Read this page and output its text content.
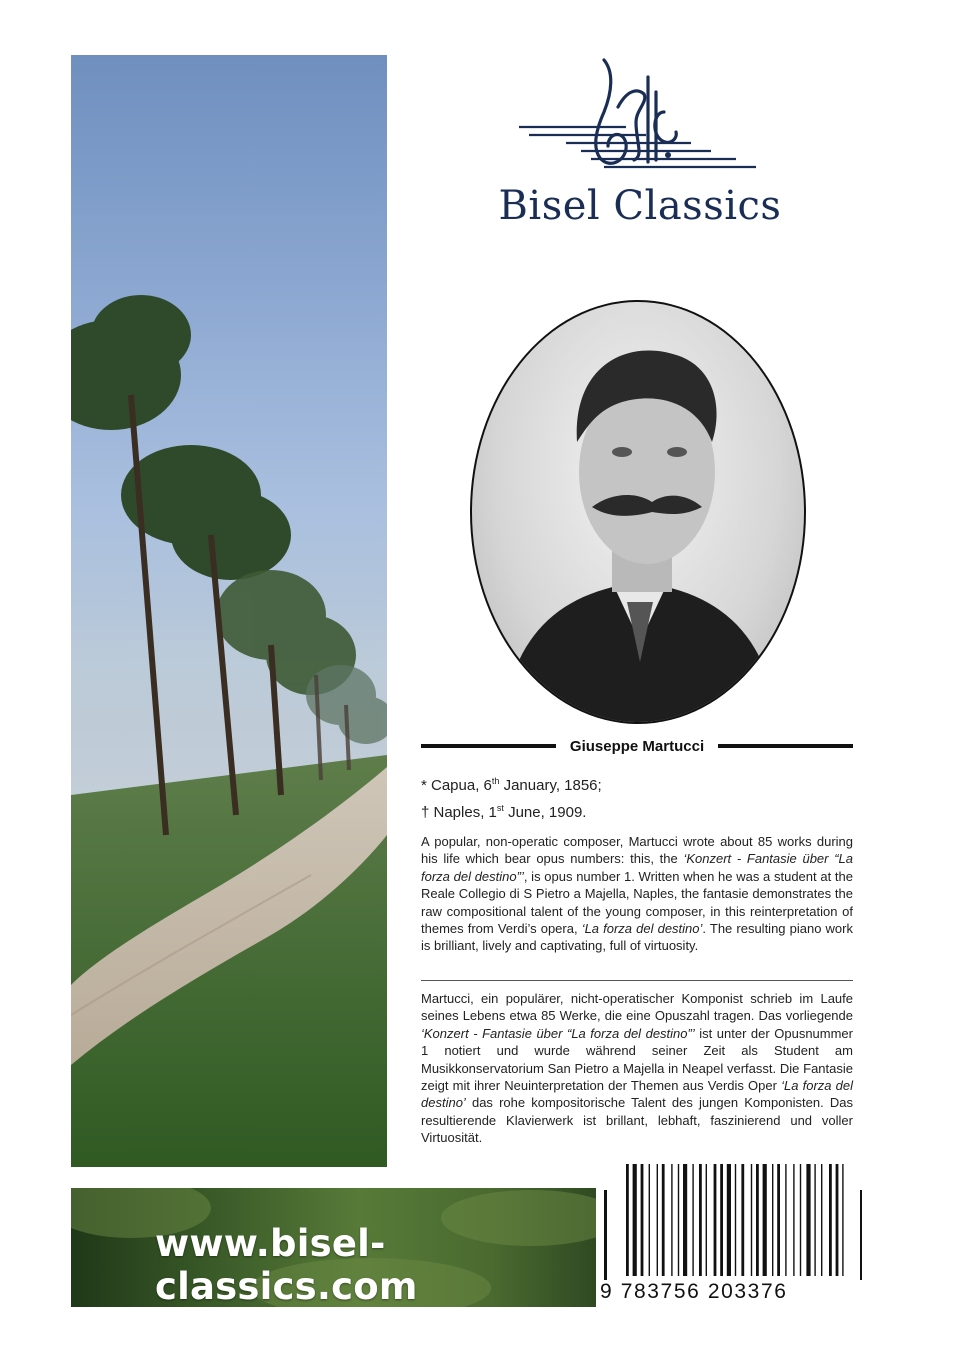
Bisel Classics
Giuseppe Martucci
* Capua, 6th January, 1856;
† Naples, 1st June, 1909.

A popular, non-operatic composer, Martucci wrote about 85 works during his life which bear opus numbers: this, the ‘Konzert - Fantasie über “La forza del destino”’, is opus number 1. Written when he was a student at the Reale Collegio di S Pietro a Majella, Naples, the fantasie demonstrates the raw compositional talent of the young composer, in this reinterpretation of themes from Verdi’s opera, ‘La forza del destino’. The resulting piano work is brilliant, lively and captivating, full of virtuosity.

Martucci, ein populärer, nicht-operatischer Komponist schrieb im Laufe seines Lebens etwa 85 Werke, die eine Opuszahl tragen. Das vorliegende ‘Konzert - Fantasie über “La forza del destino”’ ist unter der Opusnummer 1 notiert und wurde während seiner Zeit als Student am Musikkonservatorium San Pietro a Majella in Neapel verfasst. Die Fantasie zeigt mit ihrer Neuinterpretation der Themen aus Verdis Oper ‘La forza del destino’ das rohe kompositorische Talent des jungen Komponisten. Das resultierende Klavierwerk ist brillant, lebhaft, faszinierend und voller Virtuosität.

www.bisel-classics.com	9 783756 203376
